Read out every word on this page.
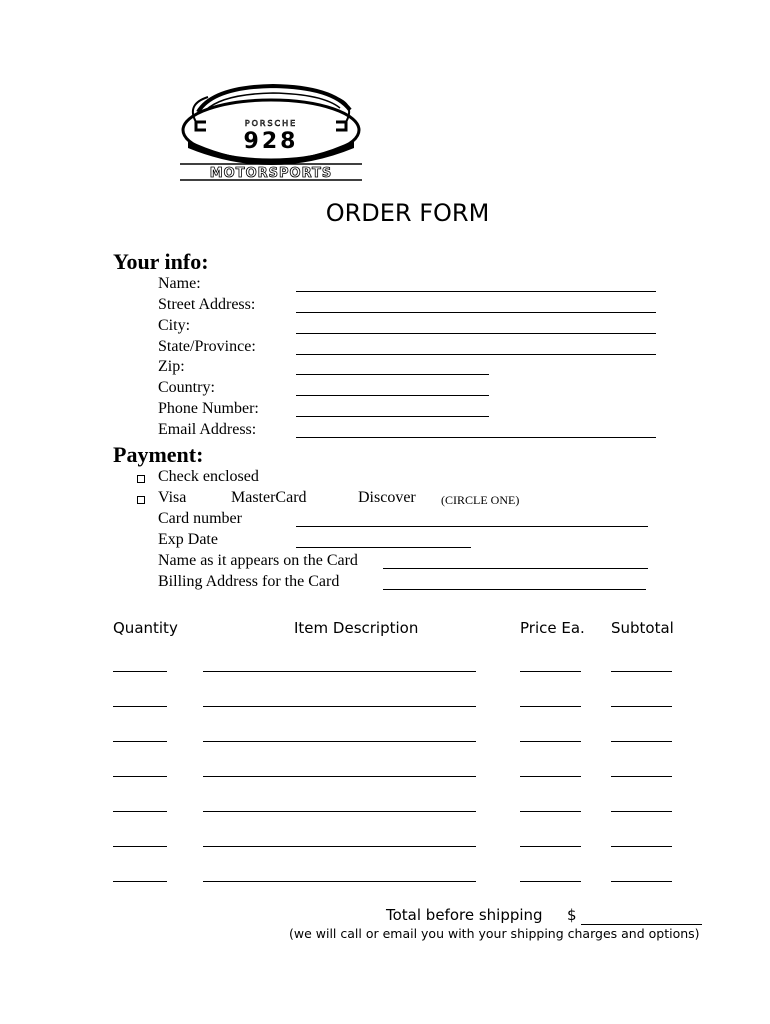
PORSCHE
928
MOTORSPORTS
ORDER FORM
Your info:
Name:
Street Address:
City:
State/Province:
Zip:
Country:
Phone Number:
Email Address:
Payment:
Check enclosed
Visa	MasterCard	Discover (CIRCLE ONE)
Card number
Exp Date
Name as it appears on the Card
Billing Address for the Card
Quantity	Item Description	Price Ea. Subtotal
Total before shipping $
(we will call or email you with your shipping charges and options)
